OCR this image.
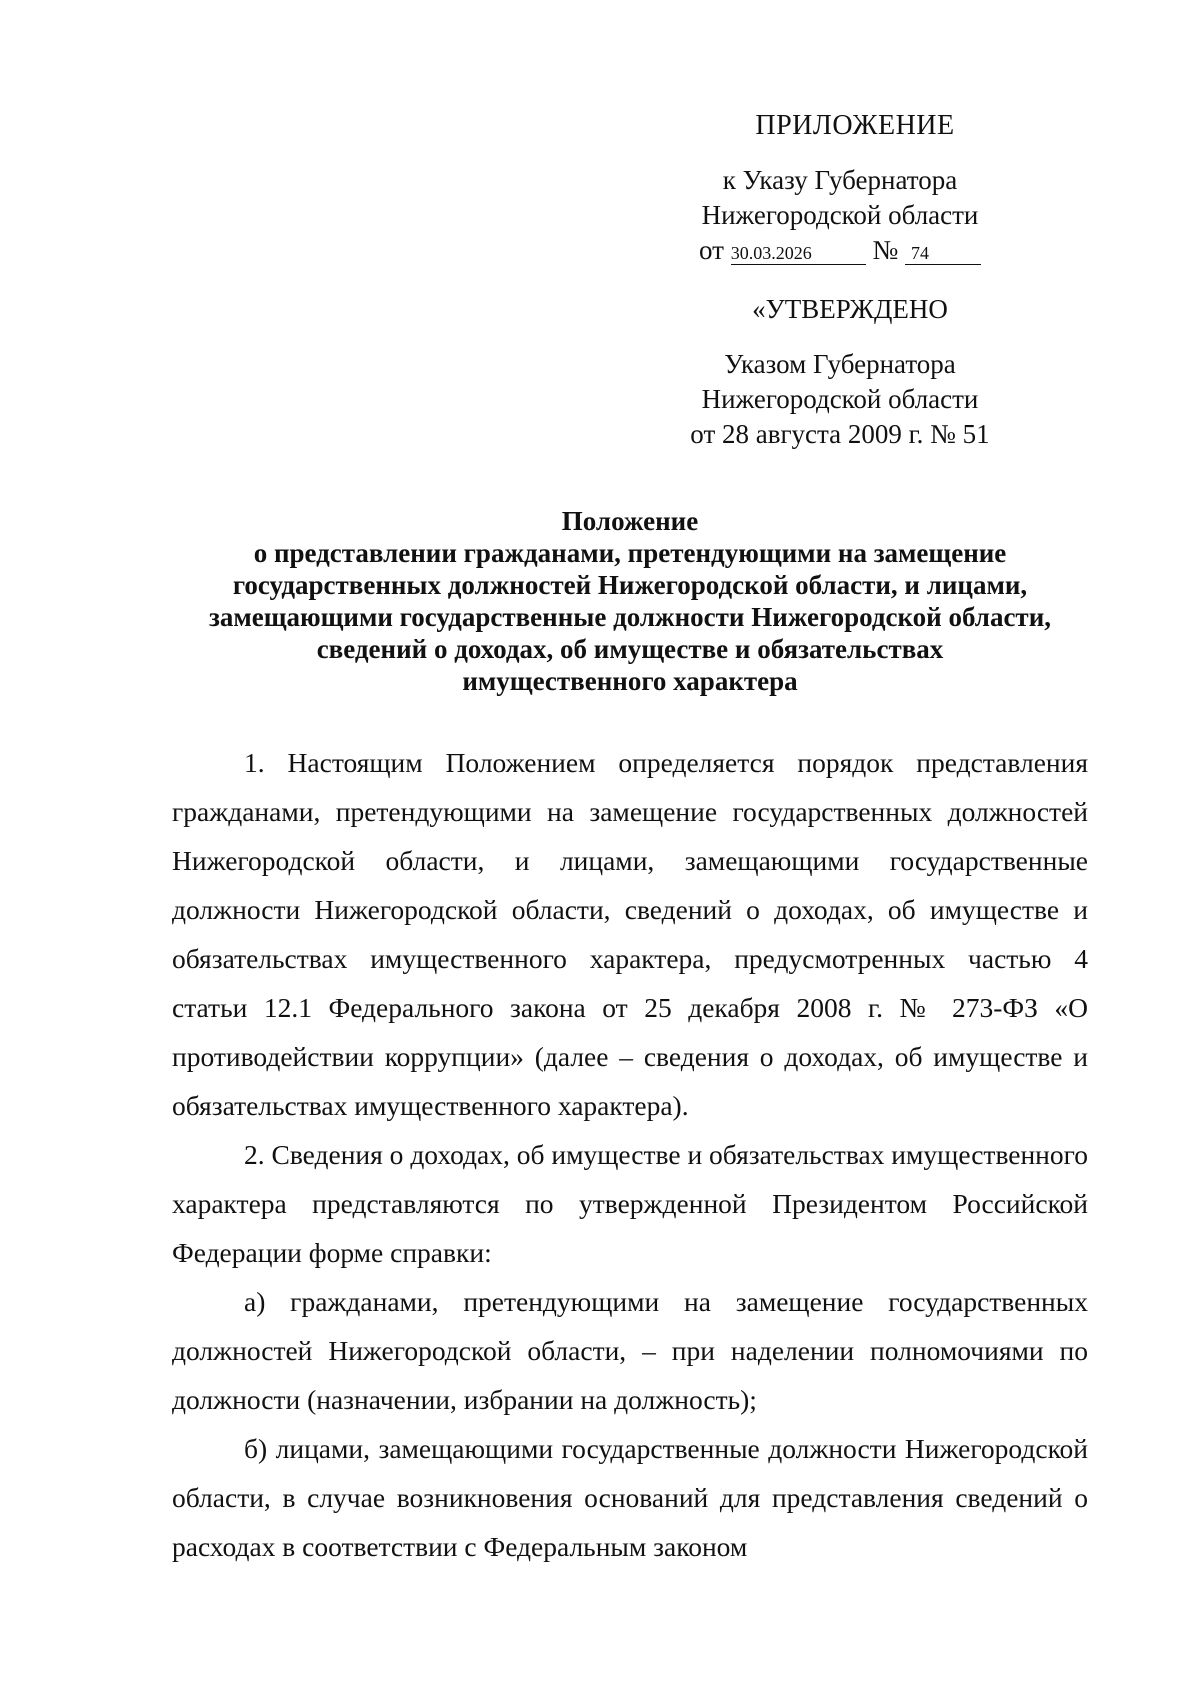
ПРИЛОЖЕНИЕ
к Указу Губернатора
Нижегородской области
от 30.03.2026 № 74
«УТВЕРЖДЕНО
Указом Губернатора
Нижегородской области
от 28 августа 2009 г. № 51
Положение
о представлении гражданами, претендующими на замещение
государственных должностей Нижегородской области, и лицами,
замещающими государственные должности Нижегородской области,
сведений о доходах, об имуществе и обязательствах
имущественного характера

1. Настоящим Положением определяется порядок представления гражданами, претендующими на замещение государственных должностей Нижегородской области, и лицами, замещающими государственные должности Нижегородской области, сведений о доходах, об имуществе и обязательствах имущественного характера, предусмотренных частью 4 статьи 12.1 Федерального закона от 25 декабря 2008 г. № 273-ФЗ «О противодействии коррупции» (далее – сведения о доходах, об имуществе и обязательствах имущественного характера).

2. Сведения о доходах, об имуществе и обязательствах имущественного характера представляются по утвержденной Президентом Российской Федерации форме справки:

а) гражданами, претендующими на замещение государственных должностей Нижегородской области, – при наделении полномочиями по должности (назначении, избрании на должность);

б) лицами, замещающими государственные должности Нижегородской области, в случае возникновения оснований для представления сведений о расходах в соответствии с Федеральным законом
